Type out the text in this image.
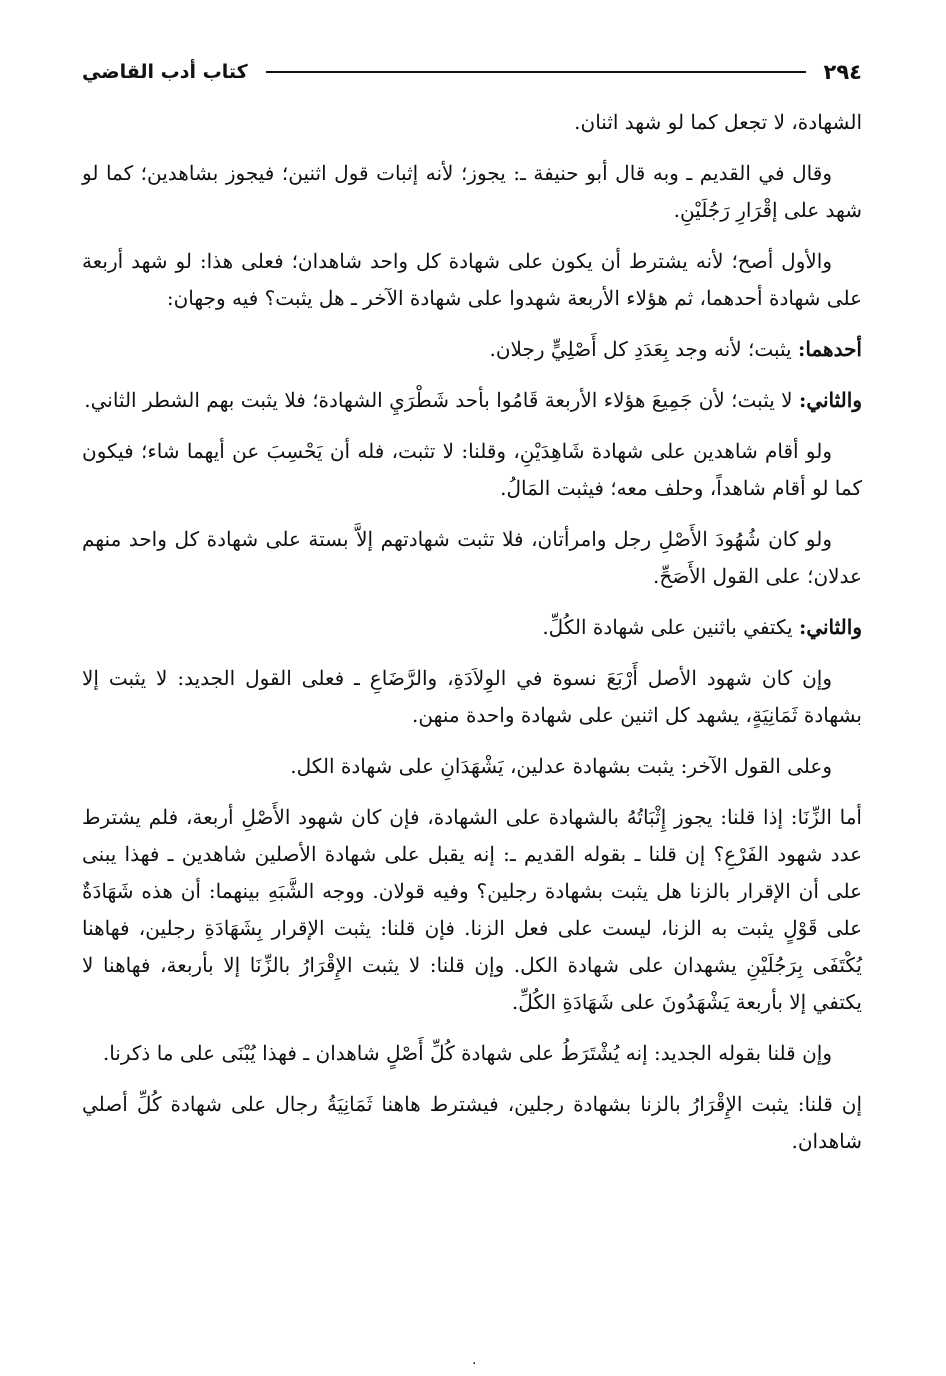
٢٩٤
كتاب أدب القاضي

الشهادة، لا تجعل كما لو شهد اثنان.

وقال في القديم ـ وبه قال أبو حنيفة ـ: يجوز؛ لأنه إثبات قول اثنين؛ فيجوز بشاهدين؛ كما لو شهد على إقْرَارِ رَجُلَيْنِ.

والأول أصح؛ لأنه يشترط أن يكون على شهادة كل واحد شاهدان؛ فعلى هذا: لو شهد أربعة على شهادة أحدهما، ثم هؤلاء الأربعة شهدوا على شهادة الآخر ـ هل يثبت؟ فيه وجهان:

أحدهما: يثبت؛ لأنه وجد بِعَدَدِ كل أَصْلِيٍّ رجلان.

والثاني: لا يثبت؛ لأن جَمِيعَ هؤلاء الأربعة قَامُوا بأحد شَطْرَيِ الشهادة؛ فلا يثبت بهم الشطر الثاني.

ولو أقام شاهدين على شهادة شَاهِدَيْنِ، وقلنا: لا تثبت، فله أن يَحْسِبَ عن أيهما شاء؛ فيكون كما لو أقام شاهداً، وحلف معه؛ فيثبت المَالُ.

ولو كان شُهُودَ الأَصْلِ رجل وامرأتان، فلا تثبت شهادتهم إلاَّ بستة على شهادة كل واحد منهم عدلان؛ على القول الأَصَحِّ.

والثاني: يكتفي باثنين على شهادة الكُلِّ.

وإن كان شهود الأصل أَرْبَعَ نسوة في الوِلاَدَةِ، والرَّضَاعِ ـ فعلى القول الجديد: لا يثبت إلا بشهادة ثَمَانِيَةٍ، يشهد كل اثنين على شهادة واحدة منهن.

وعلى القول الآخر: يثبت بشهادة عدلين، يَشْهَدَانِ على شهادة الكل.

أما الزِّنَا: إذا قلنا: يجوز إِثْبَاتُهُ بالشهادة على الشهادة، فإن كان شهود الأَصْلِ أربعة، فلم يشترط عدد شهود الفَرْعِ؟ إن قلنا ـ بقوله القديم ـ: إنه يقبل على شهادة الأصلين شاهدين ـ فهذا يبنى على أن الإقرار بالزنا هل يثبت بشهادة رجلين؟ وفيه قولان. ووجه الشَّبَهِ بينهما: أن هذه شَهَادَةٌ على قَوْلٍ يثبت به الزنا، ليست على فعل الزنا. فإن قلنا: يثبت الإقرار بِشَهَادَةِ رجلين، فهاهنا يُكْتَفَى بِرَجُلَيْنِ يشهدان على شهادة الكل. وإن قلنا: لا يثبت الإِقْرَارُ بالزِّنَا إلا بأربعة، فهاهنا لا يكتفي إلا بأربعة يَشْهَدُونَ على شَهَادَةِ الكُلِّ.

وإن قلنا بقوله الجديد: إنه يُشْتَرَطُ على شهادة كُلِّ أَصْلٍ شاهدان ـ فهذا يُبْنَى على ما ذكرنا.

إن قلنا: يثبت الإِقْرَارُ بالزنا بشهادة رجلين، فيشترط هاهنا ثَمَانِيَةُ رجال على شهادة كُلِّ أصلي شاهدان.

.
